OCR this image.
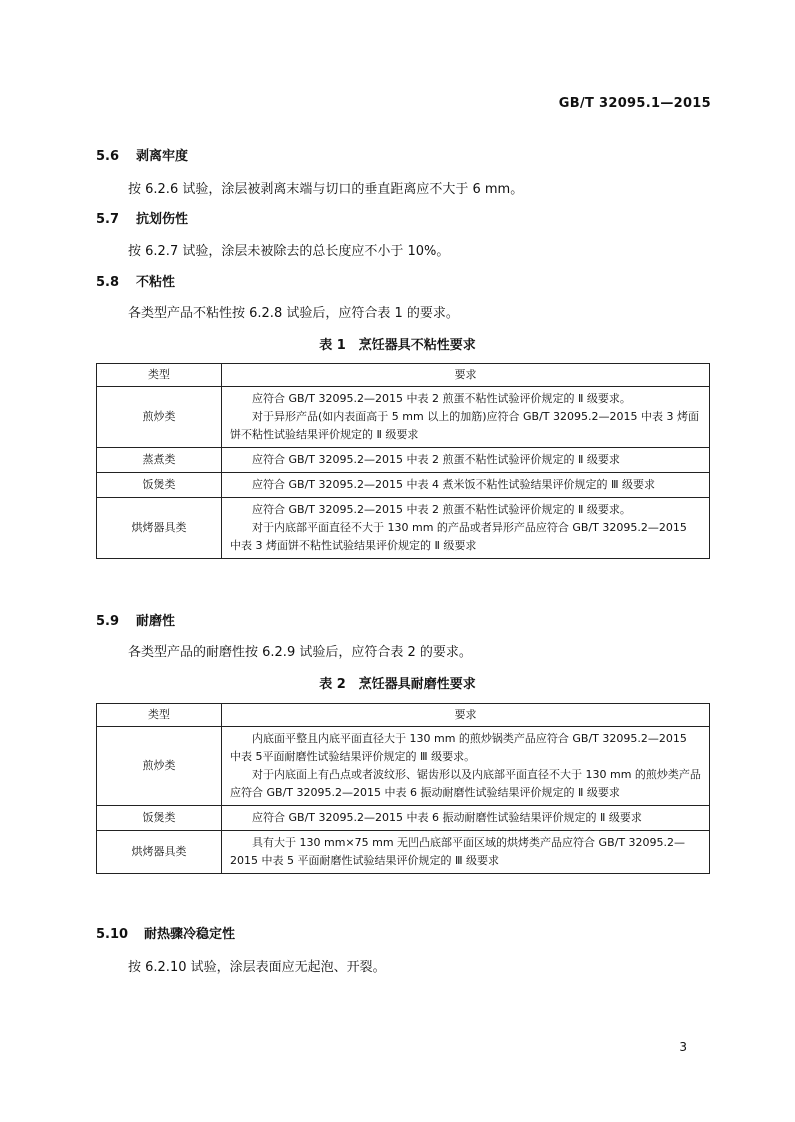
GB/T 32095.1—2015
5.6 剥离牢度
按 6.2.6 试验，涂层被剥离末端与切口的垂直距离应不大于 6 mm。
5.7 抗划伤性
按 6.2.7 试验，涂层未被除去的总长度应不小于 10%。
5.8 不粘性
各类型产品不粘性按 6.2.8 试验后，应符合表 1 的要求。
表 1　烹饪器具不粘性要求
类型	要求
煎炒类	应符合 GB/T 32095.2—2015 中表 2 煎蛋不粘性试验评价规定的 Ⅱ 级要求。

对于异形产品(如内表面高于 5 mm 以上的加筋)应符合 GB/T 32095.2—2015 中表 3 烤面饼不粘性试验结果评价规定的 Ⅱ 级要求

蒸煮类	应符合 GB/T 32095.2—2015 中表 2 煎蛋不粘性试验评价规定的 Ⅱ 级要求

饭煲类	应符合 GB/T 32095.2—2015 中表 4 煮米饭不粘性试验结果评价规定的 Ⅲ 级要求

烘烤器具类	应符合 GB/T 32095.2—2015 中表 2 煎蛋不粘性试验评价规定的 Ⅱ 级要求。

对于内底部平面直径不大于 130 mm 的产品或者异形产品应符合 GB/T 32095.2—2015 中表 3 烤面饼不粘性试验结果评价规定的 Ⅱ 级要求

5.9 耐磨性
各类型产品的耐磨性按 6.2.9 试验后，应符合表 2 的要求。
表 2　烹饪器具耐磨性要求
类型	要求
煎炒类	内底面平整且内底平面直径大于 130 mm 的煎炒锅类产品应符合 GB/T 32095.2—2015 中表 5平面耐磨性试验结果评价规定的 Ⅲ 级要求。

对于内底面上有凸点或者波纹形、锯齿形以及内底部平面直径不大于 130 mm 的煎炒类产品应符合 GB/T 32095.2—2015 中表 6 振动耐磨性试验结果评价规定的 Ⅱ 级要求

饭煲类	应符合 GB/T 32095.2—2015 中表 6 振动耐磨性试验结果评价规定的 Ⅱ 级要求

烘烤器具类	具有大于 130 mm×75 mm 无凹凸底部平面区域的烘烤类产品应符合 GB/T 32095.2—2015 中表 5 平面耐磨性试验结果评价规定的 Ⅲ 级要求

5.10 耐热骤冷稳定性
按 6.2.10 试验，涂层表面应无起泡、开裂。
3
